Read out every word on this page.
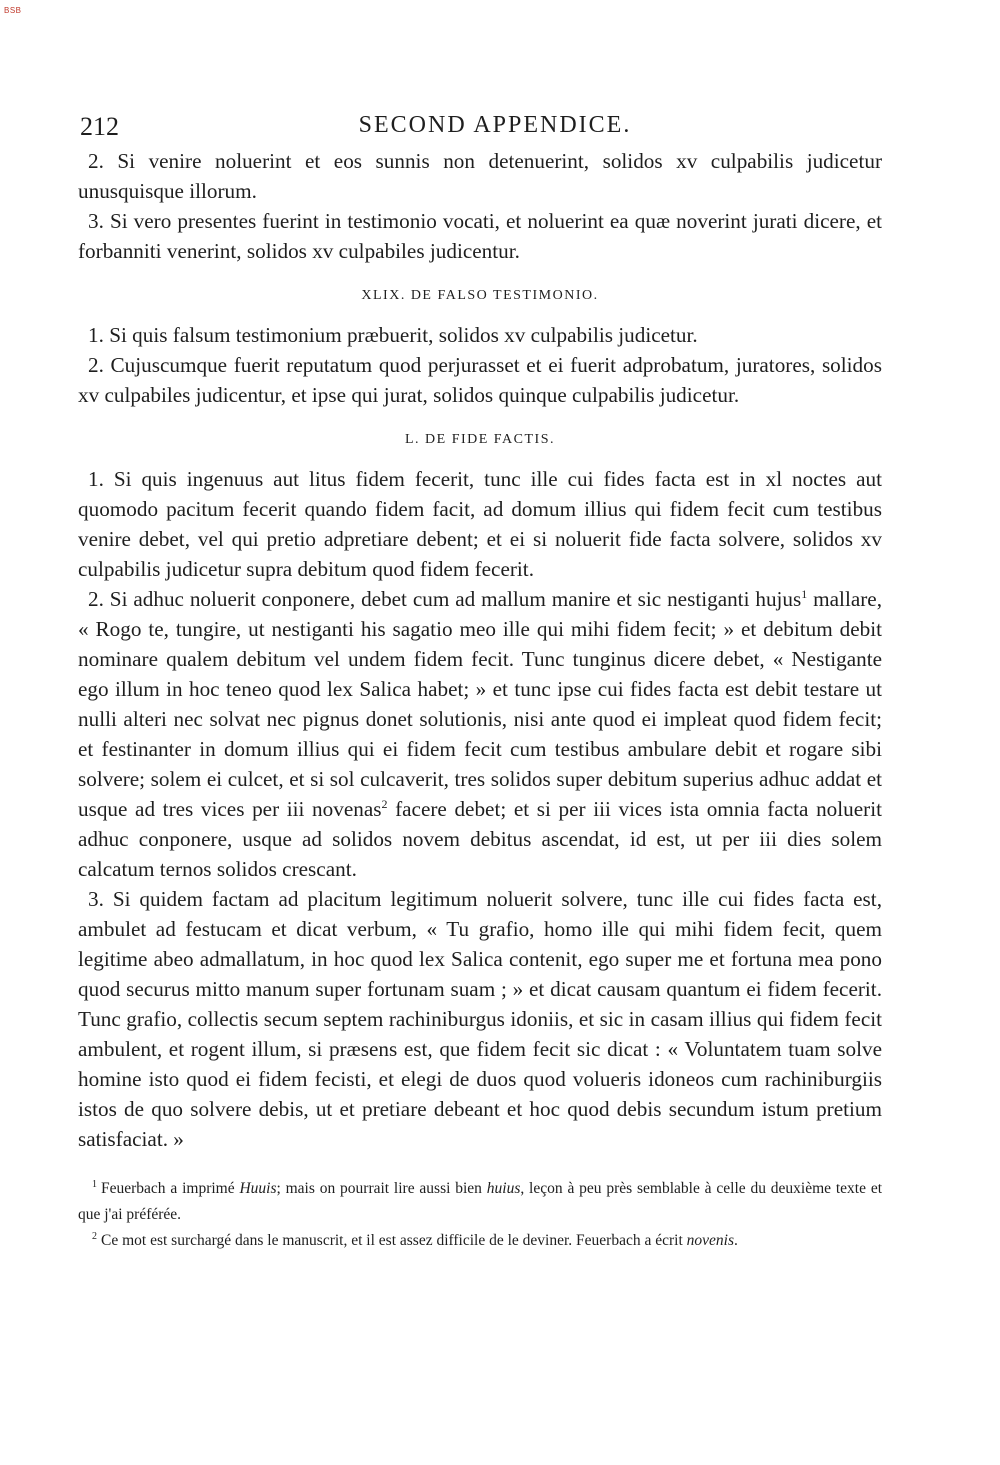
BSB
212	SECOND APPENDICE.

2. Si venire noluerint et eos sunnis non detenuerint, solidos xv culpabilis judicetur unusquisque illorum.

3. Si vero presentes fuerint in testimonio vocati, et noluerint ea quæ noverint jurati dicere, et forbanniti venerint, solidos xv culpabiles judicentur.

XLIX. DE FALSO TESTIMONIO.

1. Si quis falsum testimonium præbuerit, solidos xv culpabilis judicetur.

2. Cujuscumque fuerit reputatum quod perjurasset et ei fuerit adprobatum, juratores, solidos xv culpabiles judicentur, et ipse qui jurat, solidos quinque culpabilis judicetur.

L. DE FIDE FACTIS.

1. Si quis ingenuus aut litus fidem fecerit, tunc ille cui fides facta est in xl noctes aut quomodo pacitum fecerit quando fidem facit, ad domum illius qui fidem fecit cum testibus venire debet, vel qui pretio adpretiare debent; et ei si noluerit fide facta solvere, solidos xv culpabilis judicetur supra debitum quod fidem fecerit.

2. Si adhuc noluerit conponere, debet cum ad mallum manire et sic nestiganti hujus$^1$ mallare, « Rogo te, tungire, ut nestiganti his sagatio meo ille qui mihi fidem fecit; » et debitum debit nominare qualem debitum vel undem fidem fecit. Tunc tunginus dicere debet, « Nestigante ego illum in hoc teneo quod lex Salica habet; » et tunc ipse cui fides facta est debit testare ut nulli alteri nec solvat nec pignus donet solutionis, nisi ante quod ei impleat quod fidem fecit; et festinanter in domum illius qui ei fidem fecit cum testibus ambulare debit et rogare sibi solvere; solem ei culcet, et si sol culcaverit, tres solidos super debitum superius adhuc addat et usque ad tres vices per iii novenas$^2$ facere debet; et si per iii vices ista omnia facta noluerit adhuc conponere, usque ad solidos novem debitus ascendat, id est, ut per iii dies solem calcatum ternos solidos crescant.

3. Si quidem factam ad placitum legitimum noluerit solvere, tunc ille cui fides facta est, ambulet ad festucam et dicat verbum, « Tu grafio, homo ille qui mihi fidem fecit, quem legitime abeo admallatum, in hoc quod lex Salica contenit, ego super me et fortuna mea pono quod securus mitto manum super fortunam suam ; » et dicat causam quantum ei fidem fecerit. Tunc grafio, collectis secum septem rachiniburgus idoniis, et sic in casam illius qui fidem fecit ambulent, et rogent illum, si præsens est, que fidem fecit sic dicat : « Voluntatem tuam solve homine isto quod ei fidem fecisti, et elegi de duos quod volueris idoneos cum rachiniburgiis istos de quo solvere debis, ut et pretiare debeant et hoc quod debis secundum istum pretium satisfaciat. »

$^1$ Feuerbach a imprimé Huuis; mais on pourrait lire aussi bien huius, leçon à peu près semblable à celle du deuxième texte et que j'ai préférée.

$^2$ Ce mot est surchargé dans le manuscrit, et il est assez difficile de le deviner. Feuerbach a écrit novenis.
